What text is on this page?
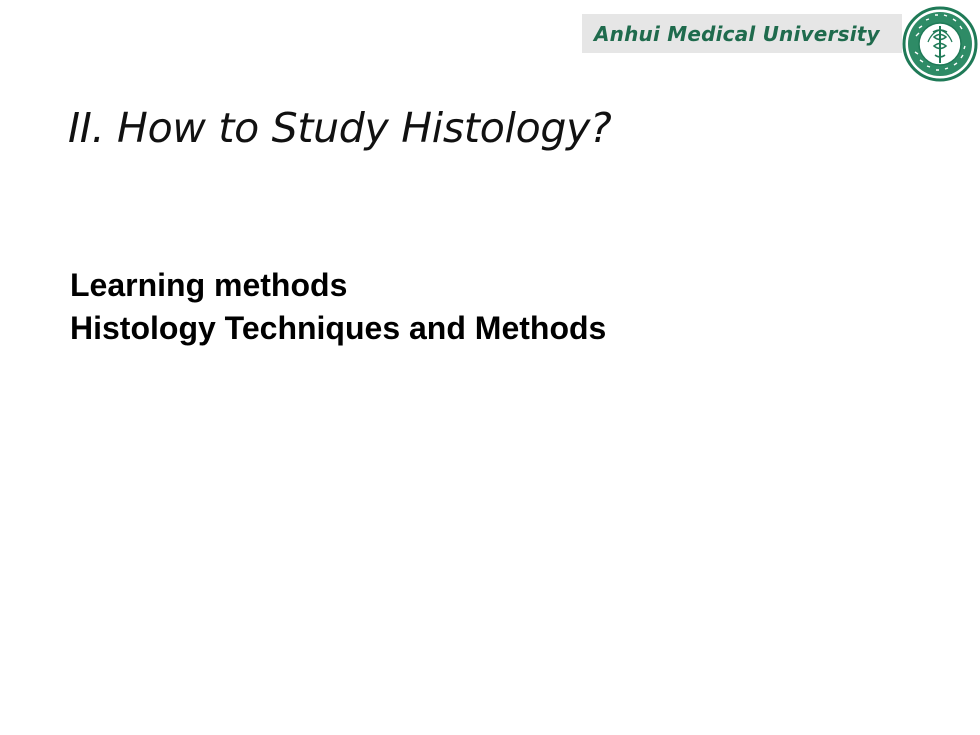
Anhui Medical University
II. How to Study Histology?
Learning methods
Histology Techniques and Methods
